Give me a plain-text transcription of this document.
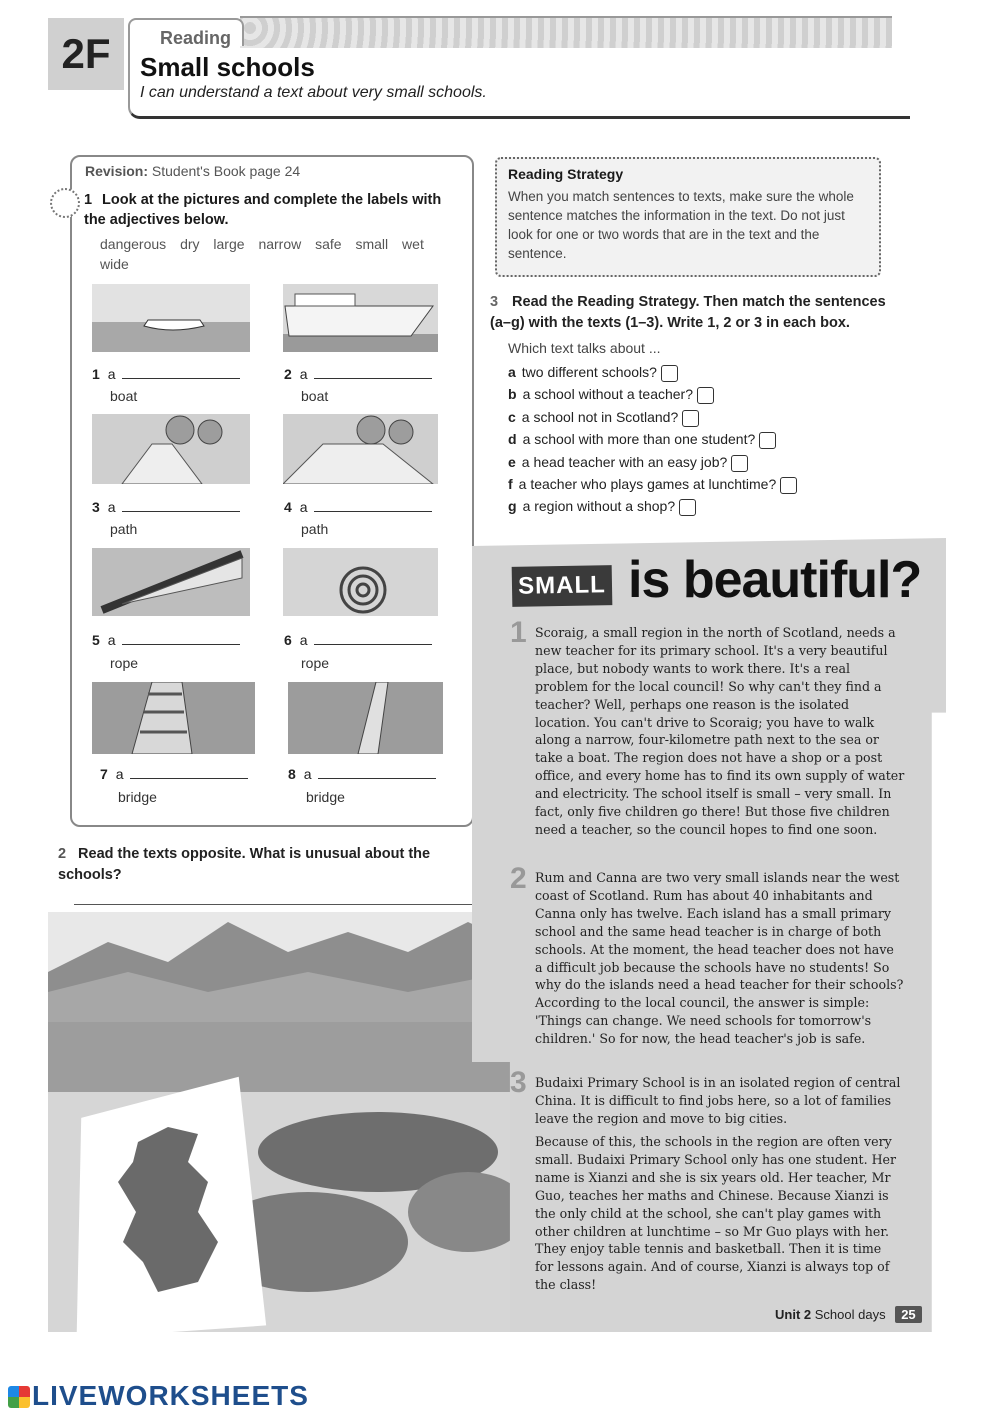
2F	Reading
Small schools
I can understand a text about very small schools.
Revision: Student's Book page 24
1 Look at the pictures and complete the labels with the adjectives below.
dangerous dry large narrow safe small wet wide
1 a
boat
2 a
boat
3 a
path
4 a
path
5 a
rope
6 a
rope
7 a
bridge
8 a
bridge
Reading Strategy
When you match sentences to texts, make sure the whole sentence matches the information in the text. Do not just look for one or two words that are in the text and the sentence.
3 Read the Reading Strategy. Then match the sentences (a–g) with the texts (1–3). Write 1, 2 or 3 in each box.
Which text talks about ...
a two different schools?
b a school without a teacher?
c a school not in Scotland?
d a school with more than one student?
e a head teacher with an easy job?
f a teacher who plays games at lunchtime?
g a region without a shop?
2 Read the texts opposite. What is unusual about the schools?
SMALL is beautiful?
1 Scoraig, a small region in the north of Scotland, needs a new teacher for its primary school. It's a very beautiful place, but nobody wants to work there. It's a real problem for the local council! So why can't they find a teacher? Well, perhaps one reason is the isolated location. You can't drive to Scoraig; you have to walk along a narrow, four-kilometre path next to the sea or take a boat. The region does not have a shop or a post office, and every home has to find its own supply of water and electricity. The school itself is small – very small. In fact, only five children go there! But those five children need a teacher, so the council hopes to find one soon.
2 Rum and Canna are two very small islands near the west coast of Scotland. Rum has about 40 inhabitants and Canna only has twelve. Each island has a small primary school and the same head teacher is in charge of both schools. At the moment, the head teacher does not have a difficult job because the schools have no students! So why do the islands need a head teacher for their schools? According to the local council, the answer is simple: 'Things can change. We need schools for tomorrow's children.' So for now, the head teacher's job is safe.
3 Budaixi Primary School is in an isolated region of central China. It is difficult to find jobs here, so a lot of families leave the region and move to big cities.
Because of this, the schools in the region are often very small. Budaixi Primary School only has one student. Her name is Xianzi and she is six years old. Her teacher, Mr Guo, teaches her maths and Chinese. Because Xianzi is the only child at the school, she can't play games with other children at lunchtime – so Mr Guo plays with her. They enjoy table tennis and basketball. Then it is time for lessons again. And of course, Xianzi is always top of the class!
Unit 2 School days 25
LIVEWORKSHEETS
